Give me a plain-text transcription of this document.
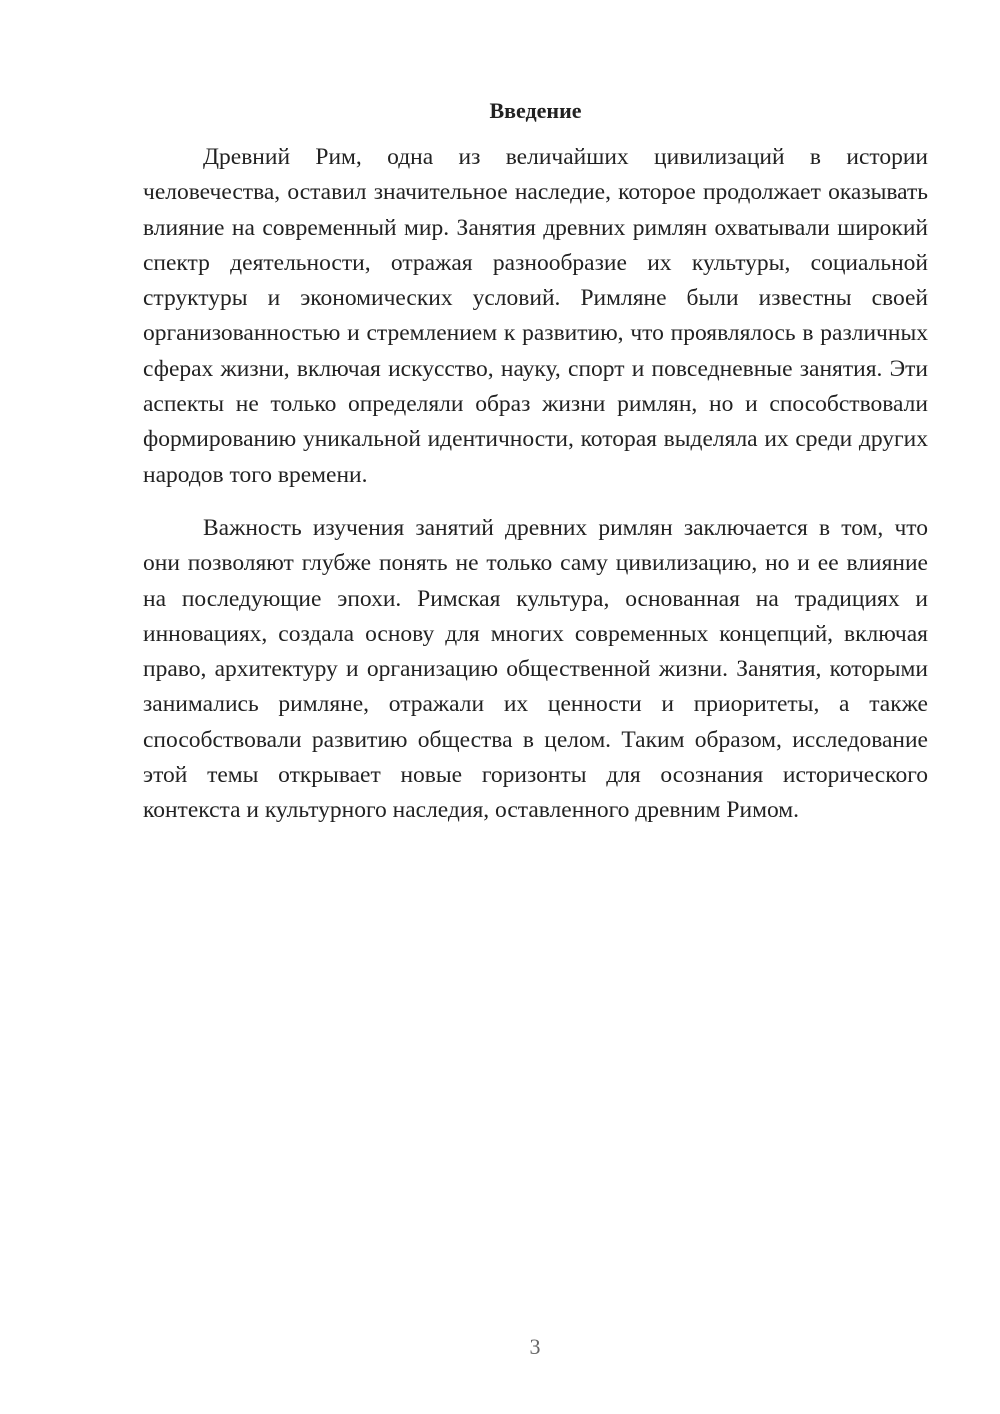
Введение

Древний Рим, одна из величайших цивилизаций в истории человечества, оставил значительное наследие, которое продолжает оказывать влияние на современный мир. Занятия древних римлян охватывали широкий спектр деятельности, отражая разнообразие их культуры, социальной структуры и экономических условий. Римляне были известны своей организованностью и стремлением к развитию, что проявлялось в различных сферах жизни, включая искусство, науку, спорт и повседневные занятия. Эти аспекты не только определяли образ жизни римлян, но и способствовали формированию уникальной идентичности, которая выделяла их среди других народов того времени.

Важность изучения занятий древних римлян заключается в том, что они позволяют глубже понять не только саму цивилизацию, но и ее влияние на последующие эпохи. Римская культура, основанная на традициях и инновациях, создала основу для многих современных концепций, включая право, архитектуру и организацию общественной жизни. Занятия, которыми занимались римляне, отражали их ценности и приоритеты, а также способствовали развитию общества в целом. Таким образом, исследование этой темы открывает новые горизонты для осознания исторического контекста и культурного наследия, оставленного древним Римом.

3
